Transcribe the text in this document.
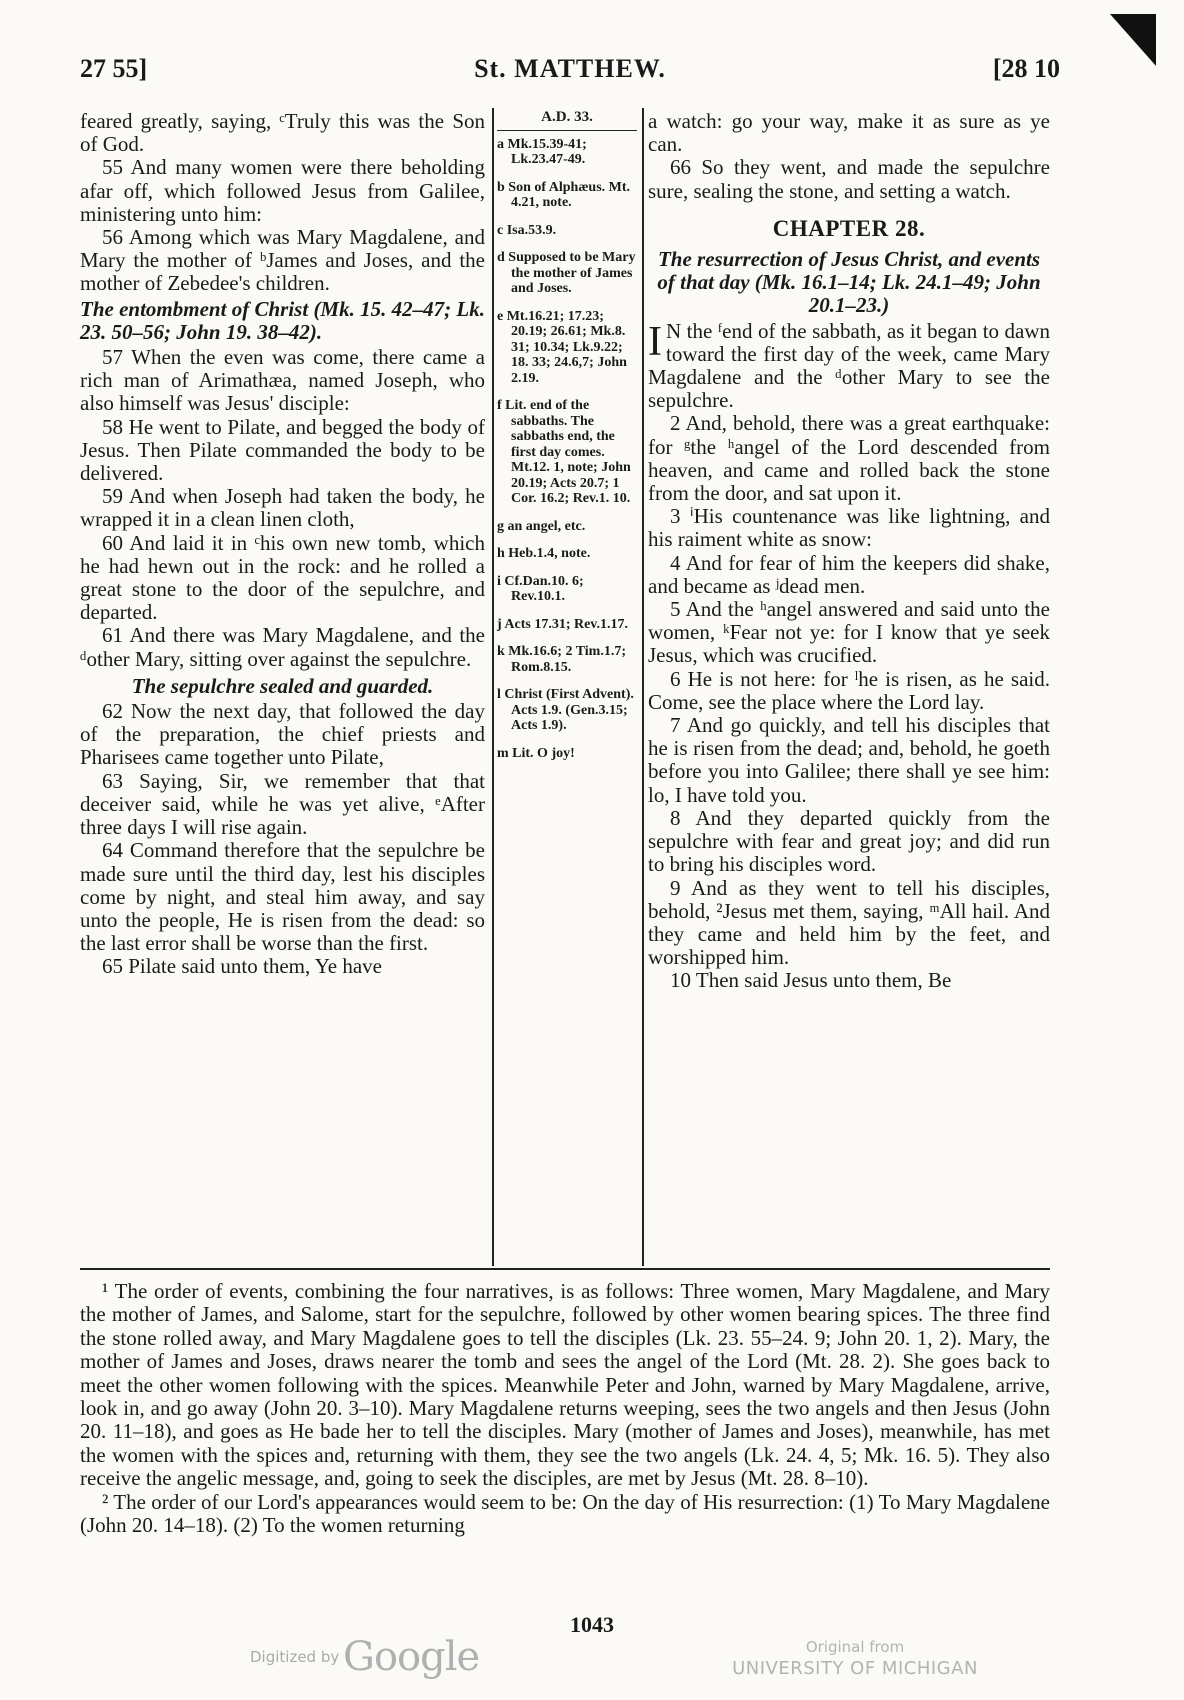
27 55]	St. MATTHEW.	[28 10

feared greatly, saying, ᶜTruly this was the Son of God.

55 And many women were there beholding afar off, which followed Jesus from Galilee, ministering unto him:

56 Among which was Mary Magdalene, and Mary the mother of ᵇJames and Joses, and the mother of Zebedee's children.

The entombment of Christ (Mk. 15. 42–47; Lk. 23. 50–56; John 19. 38–42).

57 When the even was come, there came a rich man of Arimathæa, named Joseph, who also himself was Jesus' disciple:

58 He went to Pilate, and begged the body of Jesus. Then Pilate commanded the body to be delivered.

59 And when Joseph had taken the body, he wrapped it in a clean linen cloth,

60 And laid it in ᶜhis own new tomb, which he had hewn out in the rock: and he rolled a great stone to the door of the sepulchre, and departed.

61 And there was Mary Magdalene, and the ᵈother Mary, sitting over against the sepulchre.

The sepulchre sealed and guarded.

62 Now the next day, that followed the day of the preparation, the chief priests and Pharisees came together unto Pilate,

63 Saying, Sir, we remember that that deceiver said, while he was yet alive, ᵉAfter three days I will rise again.

64 Command therefore that the sepulchre be made sure until the third day, lest his disciples come by night, and steal him away, and say unto the people, He is risen from the dead: so the last error shall be worse than the first.

65 Pilate said unto them, Ye have

A.D. 33.
a Mk.15.39-41; Lk.23.47-49.
b Son of Alphæus. Mt. 4.21, note.
c Isa.53.9.
d Supposed to be Mary the mother of James and Joses.
e Mt.16.21; 17.23; 20.19; 26.61; Mk.8. 31; 10.34; Lk.9.22; 18. 33; 24.6,7; John 2.19.
f Lit. end of the sabbaths. The sabbaths end, the first day comes. Mt.12. 1, note; John 20.19; Acts 20.7; 1 Cor. 16.2; Rev.1. 10.
g an angel, etc.
h Heb.1.4, note.
i Cf.Dan.10. 6; Rev.10.1.
j Acts 17.31; Rev.1.17.
k Mk.16.6; 2 Tim.1.7; Rom.8.15.
l Christ (First Advent). Acts 1.9. (Gen.3.15; Acts 1.9).
m Lit. O joy!

a watch: go your way, make it as sure as ye can.

66 So they went, and made the sepulchre sure, sealing the stone, and setting a watch.

CHAPTER 28.

The resurrection of Jesus Christ, and events of that day (Mk. 16.1–14; Lk. 24.1–49; John 20.1–23.)

I N the ᶠend of the sabbath, as it began to dawn toward the first day of the week, came Mary Magdalene and the ᵈother Mary to see the sepulchre.

2 And, behold, there was a great earthquake: for ᵍthe ʰangel of the Lord descended from heaven, and came and rolled back the stone from the door, and sat upon it.

3 ⁱHis countenance was like lightning, and his raiment white as snow:

4 And for fear of him the keepers did shake, and became as ʲdead men.

5 And the ʰangel answered and said unto the women, ᵏFear not ye: for I know that ye seek Jesus, which was crucified.

6 He is not here: for ˡhe is risen, as he said. Come, see the place where the Lord lay.

7 And go quickly, and tell his disciples that he is risen from the dead; and, behold, he goeth before you into Galilee; there shall ye see him: lo, I have told you.

8 And they departed quickly from the sepulchre with fear and great joy; and did run to bring his disciples word.

9 And as they went to tell his disciples, behold, ²Jesus met them, saying, ᵐAll hail. And they came and held him by the feet, and worshipped him.

10 Then said Jesus unto them, Be

¹ The order of events, combining the four narratives, is as follows: Three women, Mary Magdalene, and Mary the mother of James, and Salome, start for the sepulchre, followed by other women bearing spices. The three find the stone rolled away, and Mary Magdalene goes to tell the disciples (Lk. 23. 55–24. 9; John 20. 1, 2). Mary, the mother of James and Joses, draws nearer the tomb and sees the angel of the Lord (Mt. 28. 2). She goes back to meet the other women following with the spices. Meanwhile Peter and John, warned by Mary Magdalene, arrive, look in, and go away (John 20. 3–10). Mary Magdalene returns weeping, sees the two angels and then Jesus (John 20. 11–18), and goes as He bade her to tell the disciples. Mary (mother of James and Joses), meanwhile, has met the women with the spices and, returning with them, they see the two angels (Lk. 24. 4, 5; Mk. 16. 5). They also receive the angelic message, and, going to seek the disciples, are met by Jesus (Mt. 28. 8–10).

² The order of our Lord's appearances would seem to be: On the day of His resurrection: (1) To Mary Magdalene (John 20. 14–18). (2) To the women returning

1043
Digitized by Google	Original from
UNIVERSITY OF MICHIGAN
